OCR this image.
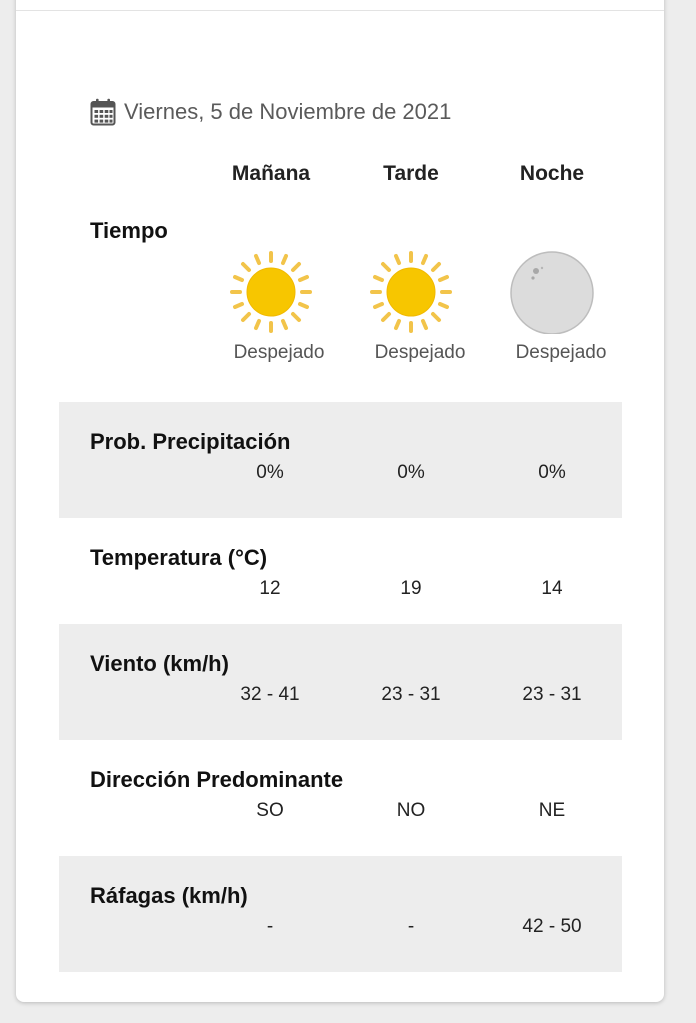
Viernes, 5 de Noviembre de 2021
Mañana	Tarde	Noche
Tiempo
Despejado	Despejado	Despejado
Prob. Precipitación
0%	0%	0%
Temperatura (°C)
12	19	14
Viento (km/h)
32 - 41	23 - 31	23 - 31
Dirección Predominante
SO	NO	NE
Ráfagas (km/h)
-	-	42 - 50
